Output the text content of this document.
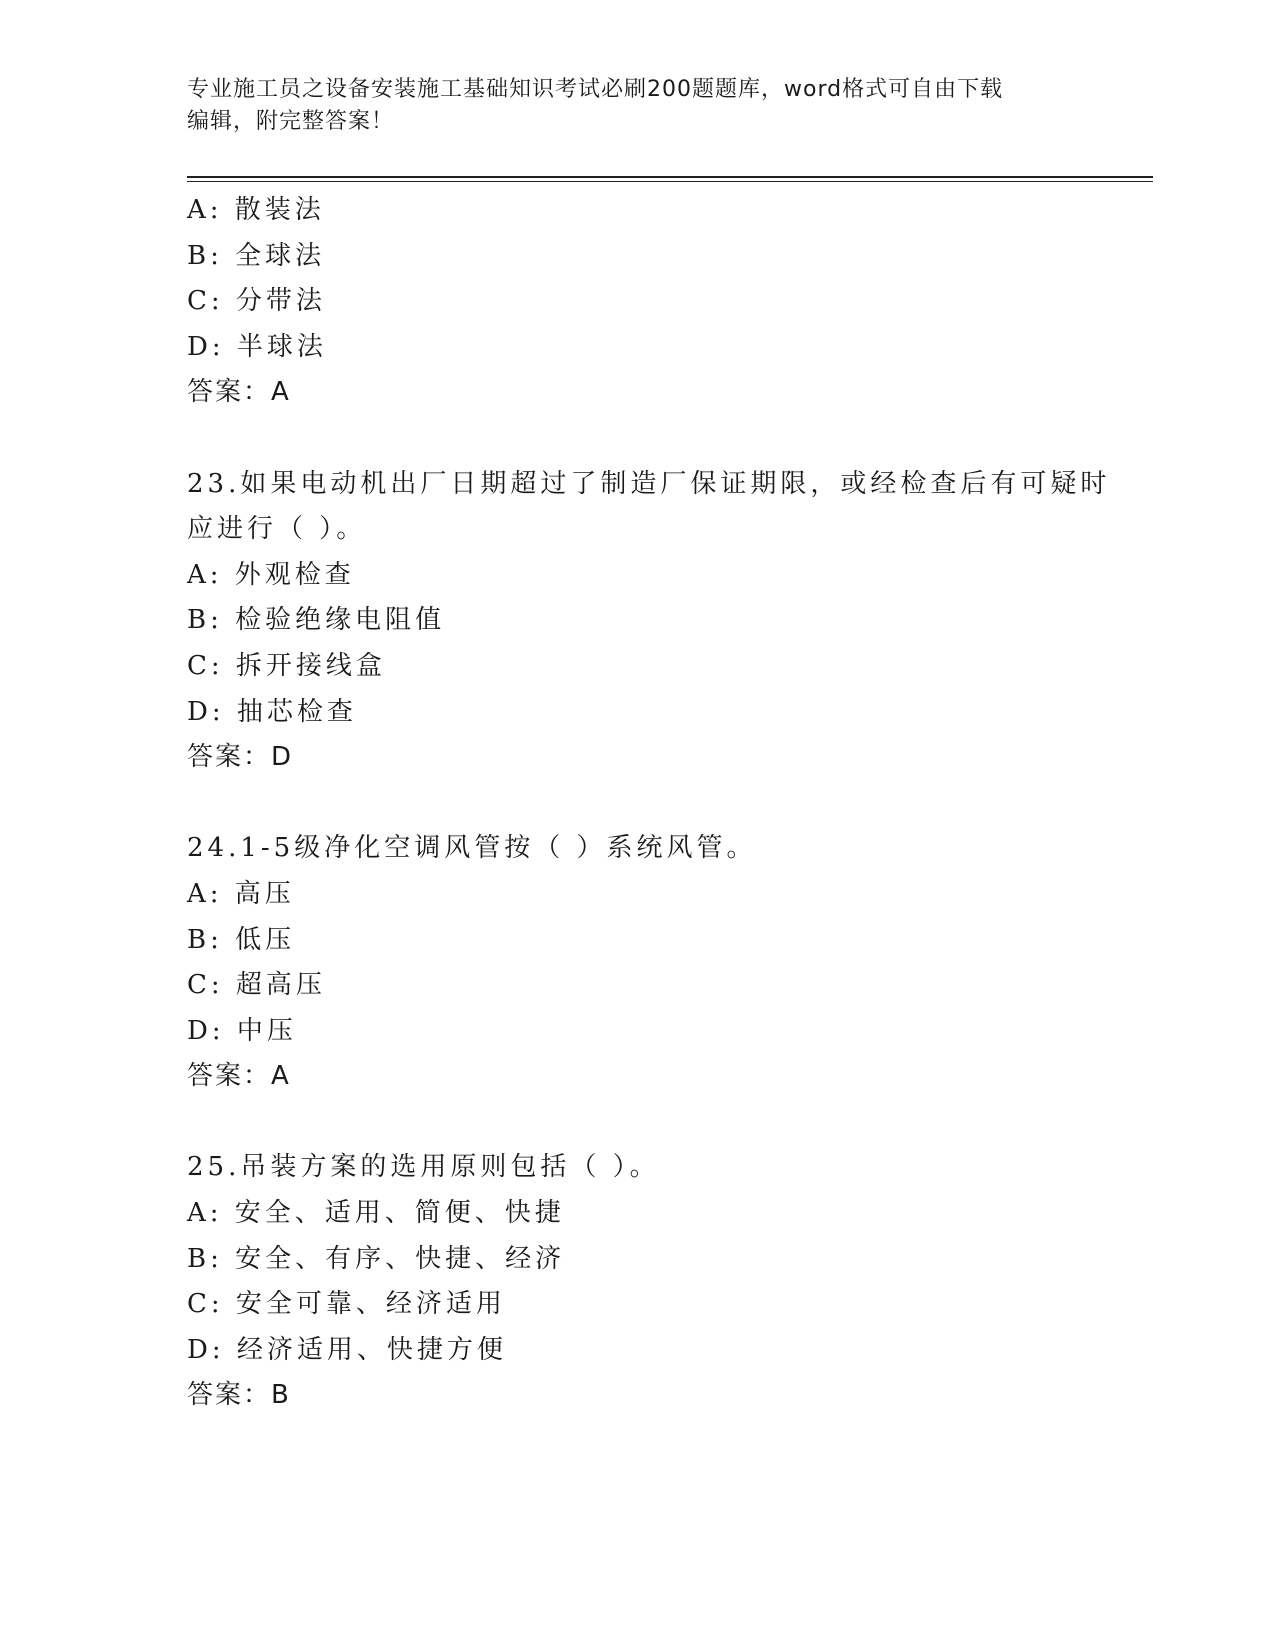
专业施工员之设备安装施工基础知识考试必刷200题题库，word格式可自由下载
编辑，附完整答案！
A: 散装法
B: 全球法
C: 分带法
D: 半球法
答案：A
23.如果电动机出厂日期超过了制造厂保证期限，或经检查后有可疑时
应进行（ ）。
A: 外观检查
B: 检验绝缘电阻值
C: 拆开接线盒
D: 抽芯检查
答案：D
24.1-5级净化空调风管按（ ）系统风管。
A: 高压
B: 低压
C: 超高压
D: 中压
答案：A
25.吊装方案的选用原则包括（ ）。
A: 安全、适用、简便、快捷
B: 安全、有序、快捷、经济
C: 安全可靠、经济适用
D: 经济适用、快捷方便
答案：B
